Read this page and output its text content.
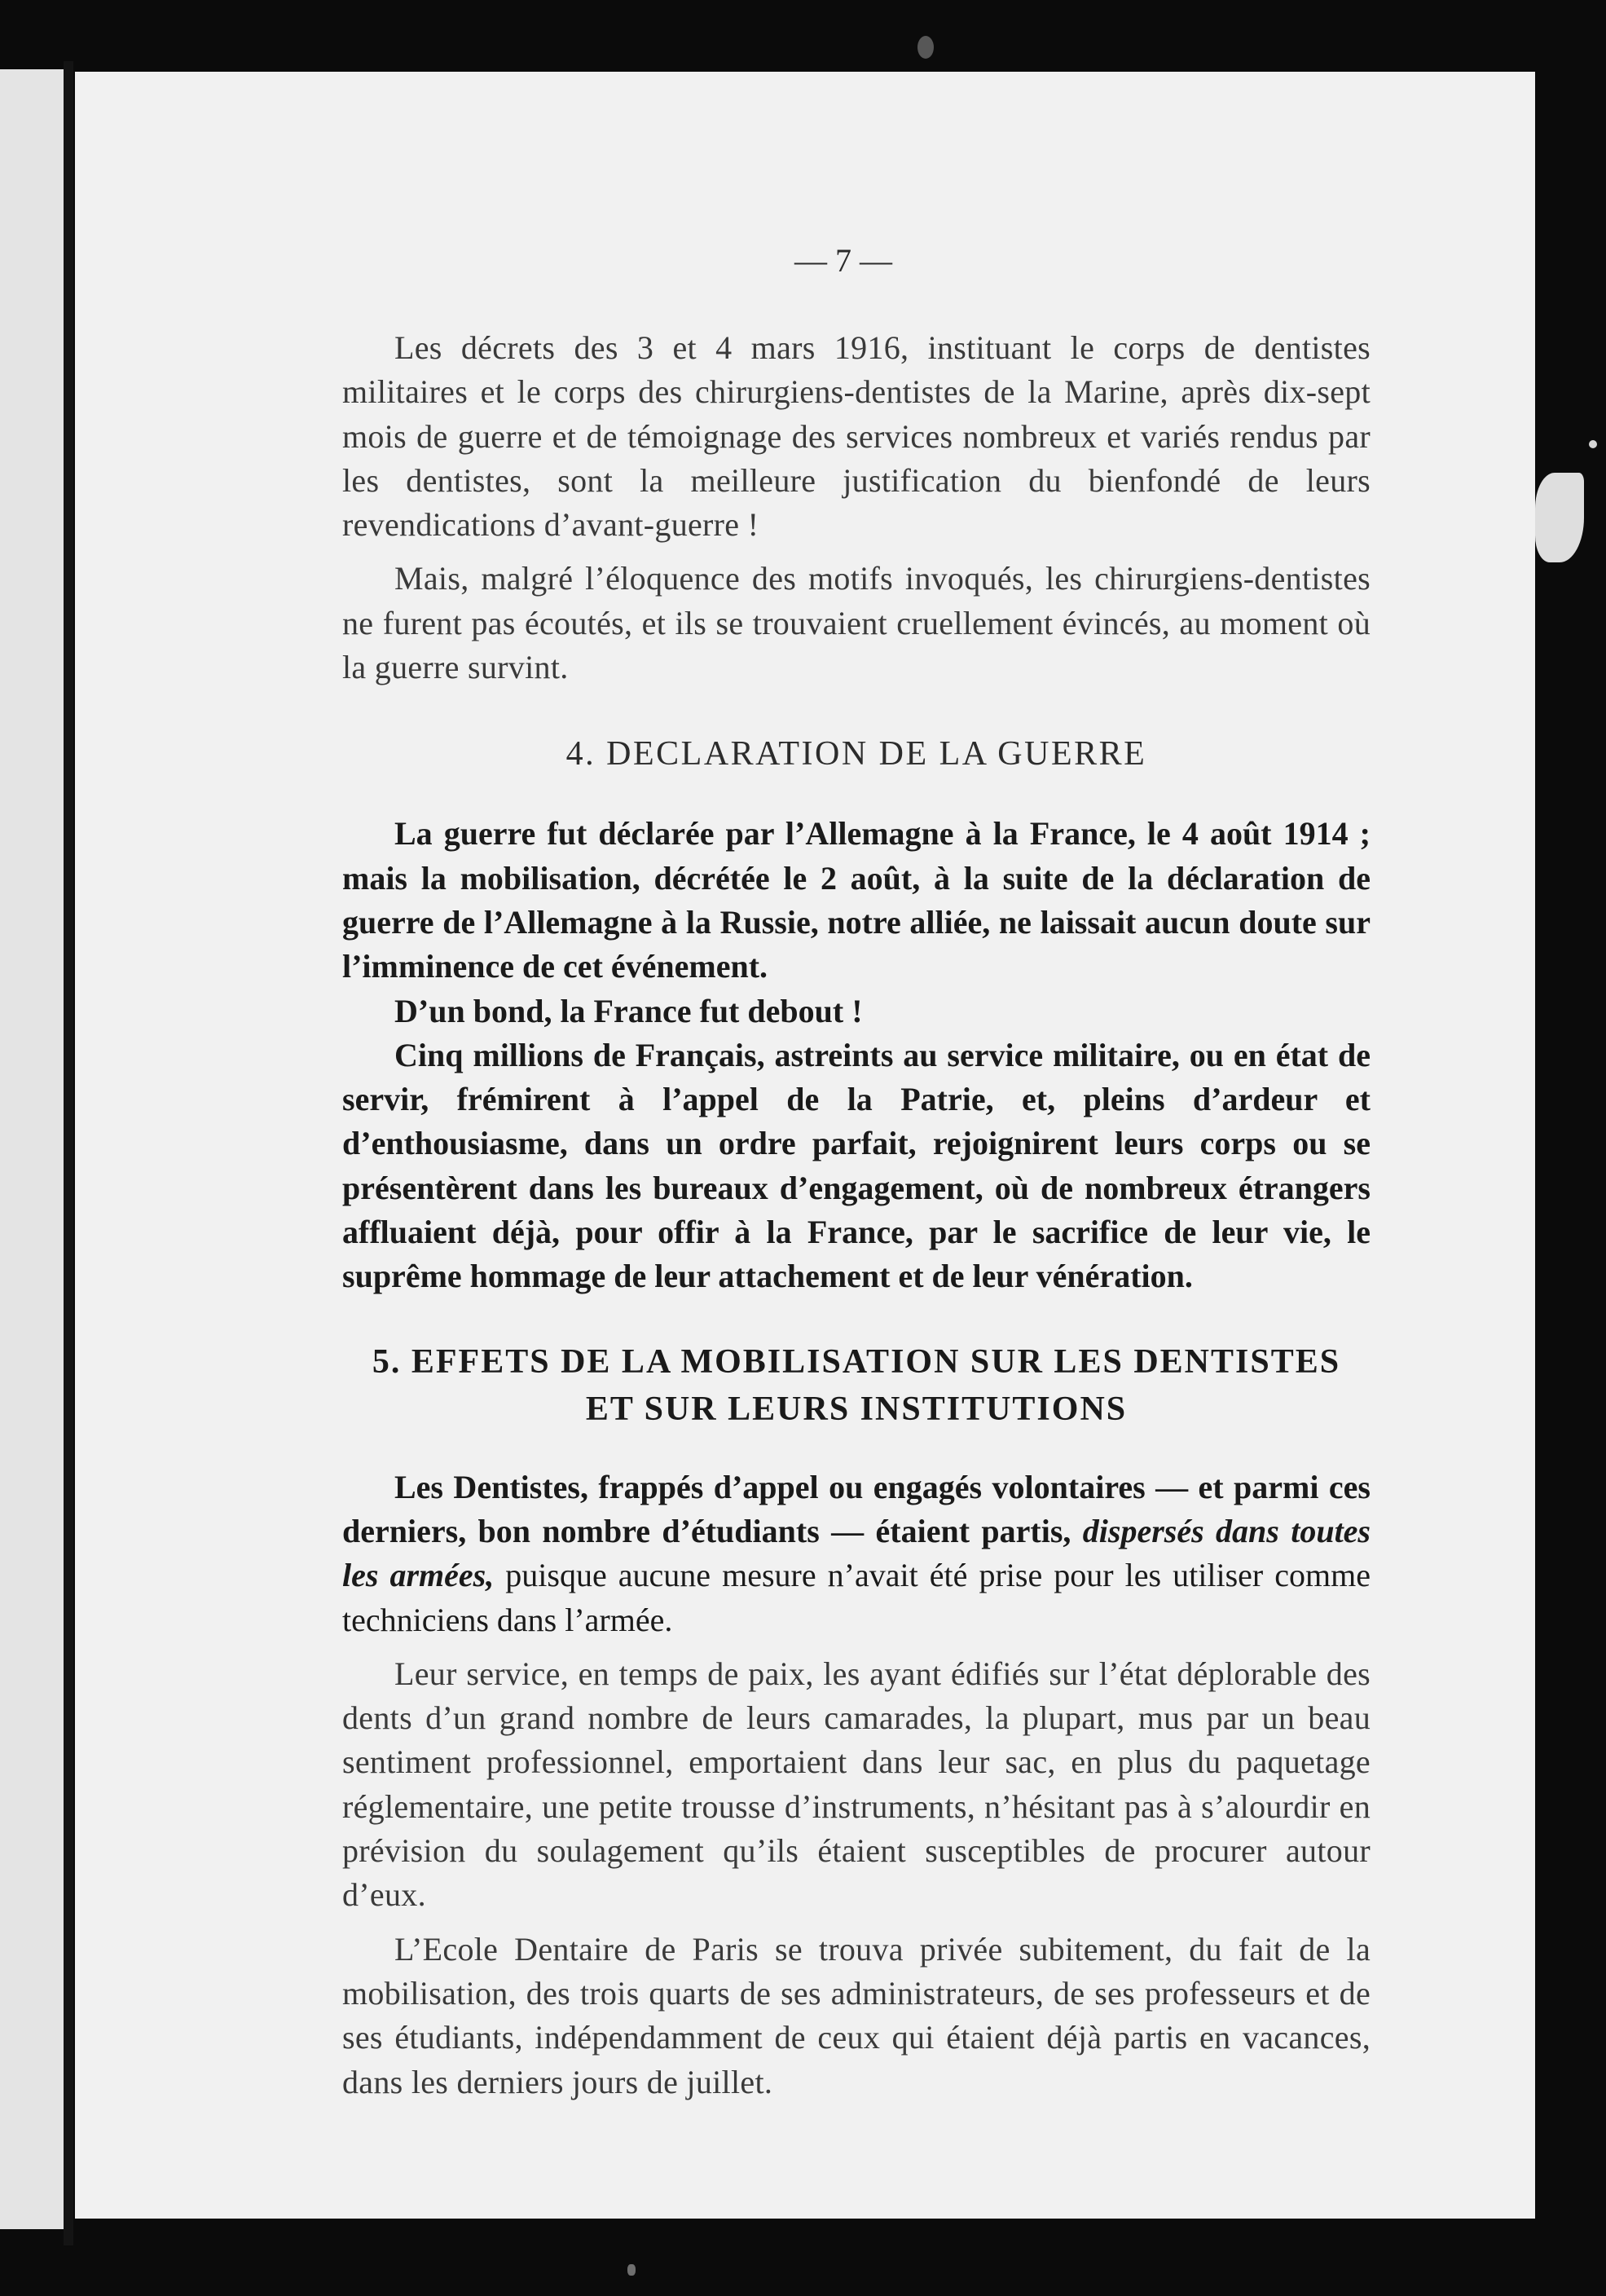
— 7 —

Les décrets des 3 et 4 mars 1916, instituant le corps de dentistes militaires et le corps des chirurgiens-dentistes de la Marine, après dix-sept mois de guerre et de témoignage des services nombreux et variés rendus par les dentistes, sont la meilleure justification du bienfondé de leurs revendications d’avant-guerre !

Mais, malgré l’éloquence des motifs invoqués, les chirurgiens-dentistes ne furent pas écoutés, et ils se trouvaient cruellement évincés, au moment où la guerre survint.

4. DECLARATION DE LA GUERRE

La guerre fut déclarée par l’Allemagne à la France, le 4 août 1914 ; mais la mobilisation, décrétée le 2 août, à la suite de la déclaration de guerre de l’Allemagne à la Russie, notre alliée, ne laissait aucun doute sur l’imminence de cet événement.

D’un bond, la France fut debout !

Cinq millions de Français, astreints au service militaire, ou en état de servir, frémirent à l’appel de la Patrie, et, pleins d’ardeur et d’enthousiasme, dans un ordre parfait, rejoignirent leurs corps ou se présentèrent dans les bureaux d’engagement, où de nombreux étrangers affluaient déjà, pour offir à la France, par le sacrifice de leur vie, le suprême hommage de leur attachement et de leur vénération.

5. EFFETS DE LA MOBILISATION SUR LES DENTISTES
ET SUR LEURS INSTITUTIONS

Les Dentistes, frappés d’appel ou engagés volontaires — et parmi ces derniers, bon nombre d’étudiants — étaient partis, dispersés dans toutes les armées, puisque aucune mesure n’avait été prise pour les utiliser comme techniciens dans l’armée.

Leur service, en temps de paix, les ayant édifiés sur l’état déplorable des dents d’un grand nombre de leurs camarades, la plupart, mus par un beau sentiment professionnel, emportaient dans leur sac, en plus du paquetage réglementaire, une petite trousse d’instruments, n’hésitant pas à s’alourdir en prévision du soulagement qu’ils étaient susceptibles de procurer autour d’eux.

L’Ecole Dentaire de Paris se trouva privée subitement, du fait de la mobilisation, des trois quarts de ses administrateurs, de ses professeurs et de ses étudiants, indépendamment de ceux qui étaient déjà partis en vacances, dans les derniers jours de juillet.
